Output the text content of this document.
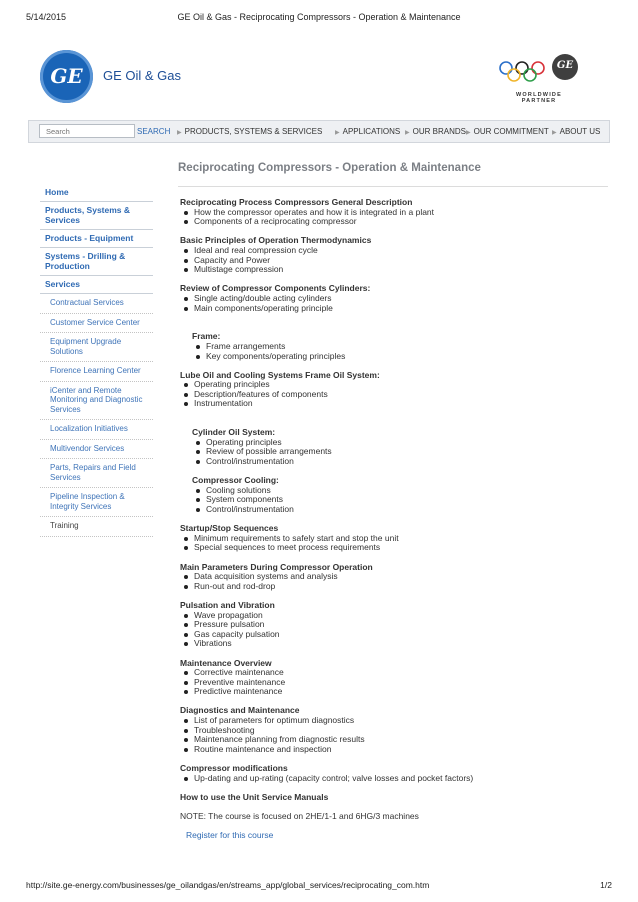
5/14/2015	GE Oil & Gas - Reciprocating Compressors - Operation & Maintenance
GE	GE Oil & Gas
GE
WORLDWIDE PARTNER
Search
SEARCH ▶ PRODUCTS, SYSTEMS & SERVICES ▶ APPLICATIONS ▶ OUR BRANDS ▶ OUR COMMITMENT ▶ ABOUT US
Reciprocating Compressors - Operation & Maintenance
Home
Products, Systems & Services
Products - Equipment
Systems - Drilling & Production
Services
Contractual Services
Customer Service Center
Equipment Upgrade Solutions
Florence Learning Center
iCenter and Remote Monitoring and Diagnostic Services
Localization Initiatives
Multivendor Services
Parts, Repairs and Field Services
Pipeline Inspection & Integrity Services
Training
Reciprocating Process Compressors General Description
How the compressor operates and how it is integrated in a plant
Components of a reciprocating compressor
Basic Principles of Operation Thermodynamics
Ideal and real compression cycle
Capacity and Power
Multistage compression
Review of Compressor Components Cylinders:
Single acting/double acting cylinders
Main components/operating principle
Frame:
Frame arrangements
Key components/operating principles
Lube Oil and Cooling Systems Frame Oil System:
Operating principles
Description/features of components
Instrumentation
Cylinder Oil System:
Operating principles
Review of possible arrangements
Control/instrumentation
Compressor Cooling:
Cooling solutions
System components
Control/instrumentation
Startup/Stop Sequences
Minimum requirements to safely start and stop the unit
Special sequences to meet process requirements
Main Parameters During Compressor Operation
Data acquisition systems and analysis
Run-out and rod-drop
Pulsation and Vibration
Wave propagation
Pressure pulsation
Gas capacity pulsation
Vibrations
Maintenance Overview
Corrective maintenance
Preventive maintenance
Predictive maintenance
Diagnostics and Maintenance
List of parameters for optimum diagnostics
Troubleshooting
Maintenance planning from diagnostic results
Routine maintenance and inspection
Compressor modifications
Up-dating and up-rating (capacity control; valve losses and pocket factors)
How to use the Unit Service Manuals
NOTE: The course is focused on 2HE/1-1 and 6HG/3 machines
Register for this course
http://site.ge-energy.com/businesses/ge_oilandgas/en/streams_app/global_services/reciprocating_com.htm	1/2
